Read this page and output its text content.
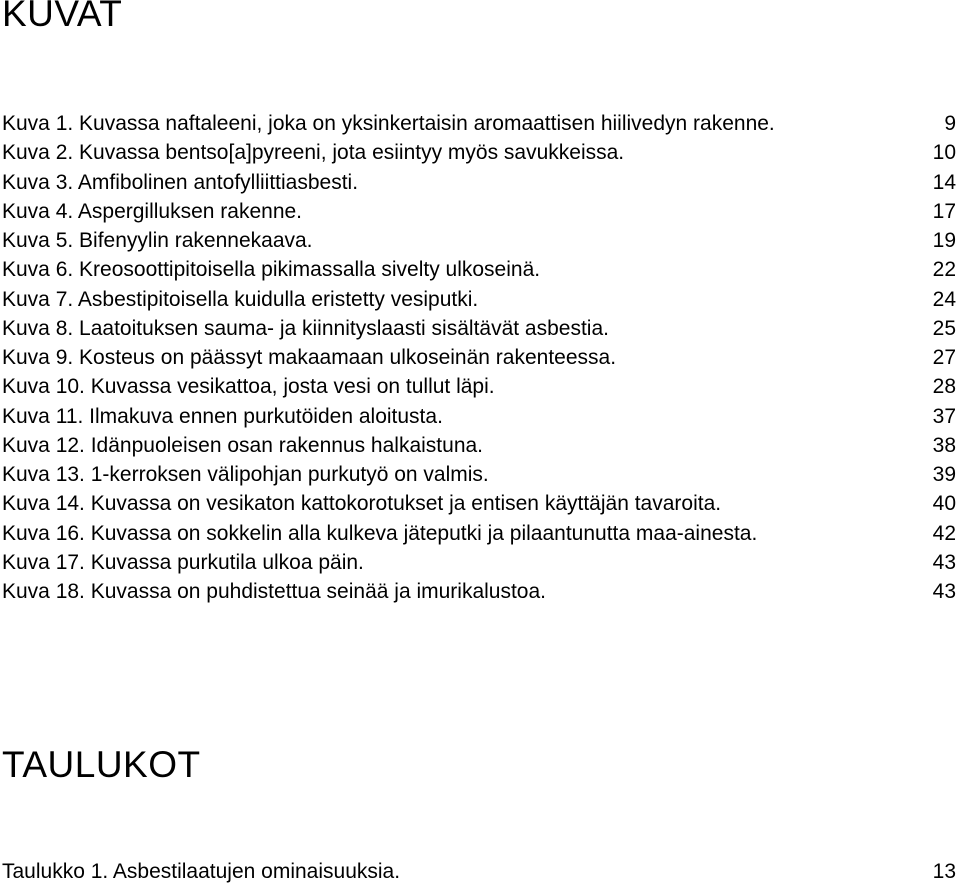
KUVAT
Kuva 1. Kuvassa naftaleeni, joka on yksinkertaisin aromaattisen hiilivedyn rakenne.	9
Kuva 2. Kuvassa bentso[a]pyreeni, jota esiintyy myös savukkeissa.	10
Kuva 3. Amfibolinen antofylliittiasbesti.	14
Kuva 4. Aspergilluksen rakenne.	17
Kuva 5. Bifenyylin rakennekaava.	19
Kuva 6. Kreosoottipitoisella pikimassalla sivelty ulkoseinä.	22
Kuva 7. Asbestipitoisella kuidulla eristetty vesiputki.	24
Kuva 8. Laatoituksen sauma- ja kiinnityslaasti sisältävät asbestia.	25
Kuva 9. Kosteus on päässyt makaamaan ulkoseinän rakenteessa.	27
Kuva 10. Kuvassa vesikattoa, josta vesi on tullut läpi.	28
Kuva 11. Ilmakuva ennen purkutöiden aloitusta.	37
Kuva 12. Idänpuoleisen osan rakennus halkaistuna.	38
Kuva 13. 1-kerroksen välipohjan purkutyö on valmis.	39
Kuva 14. Kuvassa on vesikaton kattokorotukset ja entisen käyttäjän tavaroita.	40
Kuva 16. Kuvassa on sokkelin alla kulkeva jäteputki ja pilaantunutta maa-ainesta.	42
Kuva 17. Kuvassa purkutila ulkoa päin.	43
Kuva 18. Kuvassa on puhdistettua seinää ja imurikalustoa.	43
TAULUKOT
Taulukko 1. Asbestilaatujen ominaisuuksia.	13
